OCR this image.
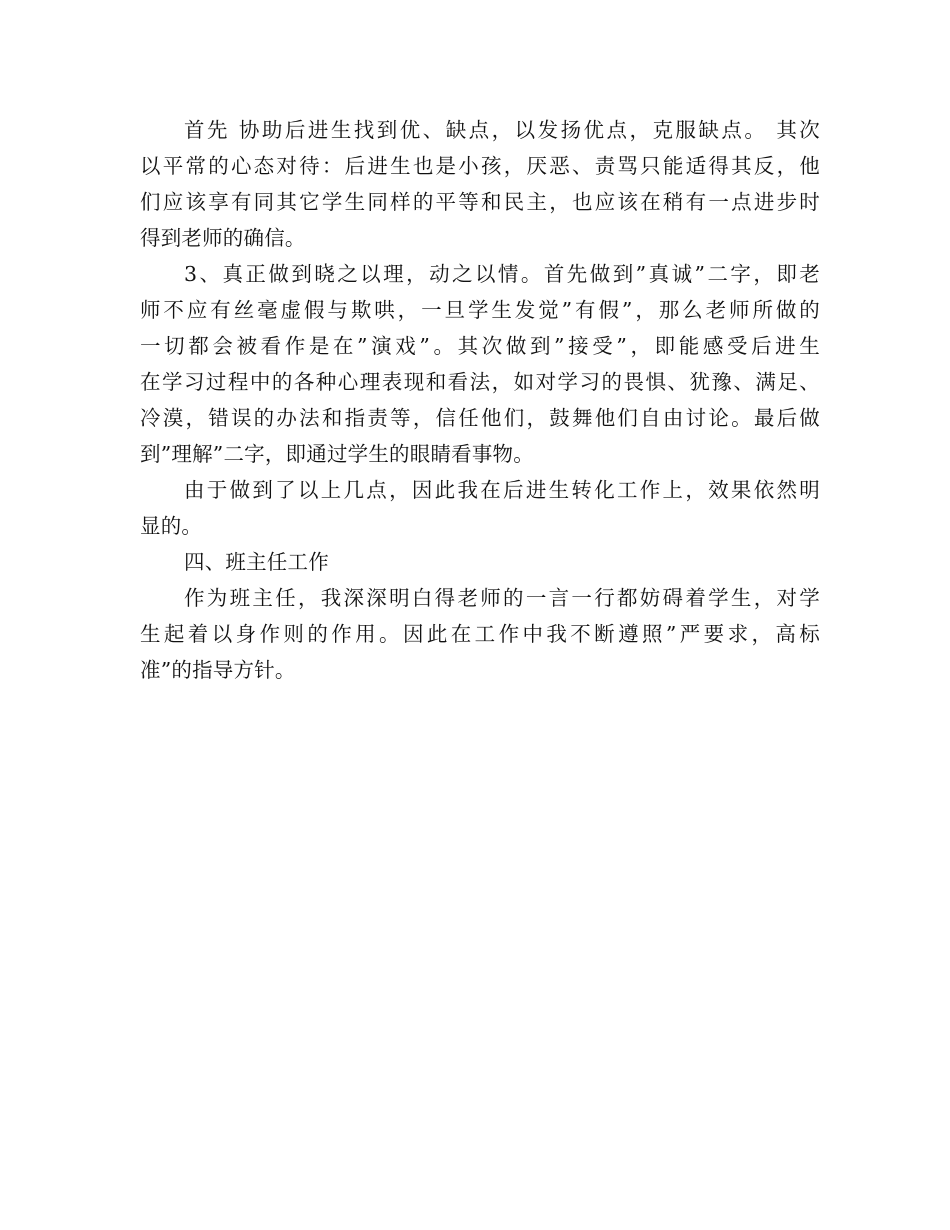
首先 协助后进生找到优、缺点，以发扬优点，克服缺点。 其次
以平常的心态对待：后进生也是小孩，厌恶、责骂只能适得其反，他
们应该享有同其它学生同样的平等和民主，也应该在稍有一点进步时
得到老师的确信。
3、真正做到晓之以理，动之以情。首先做到”真诚”二字，即老
师不应有丝毫虚假与欺哄，一旦学生发觉”有假”，那么老师所做的
一切都会被看作是在”演戏”。其次做到”接受”，即能感受后进生
在学习过程中的各种心理表现和看法，如对学习的畏惧、犹豫、满足、
冷漠，错误的办法和指责等，信任他们，鼓舞他们自由讨论。最后做
到”理解”二字，即通过学生的眼睛看事物。
由于做到了以上几点，因此我在后进生转化工作上，效果依然明
显的。
四、班主任工作
作为班主任，我深深明白得老师的一言一行都妨碍着学生，对学
生起着以身作则的作用。因此在工作中我不断遵照”严要求，高标
准”的指导方针。
